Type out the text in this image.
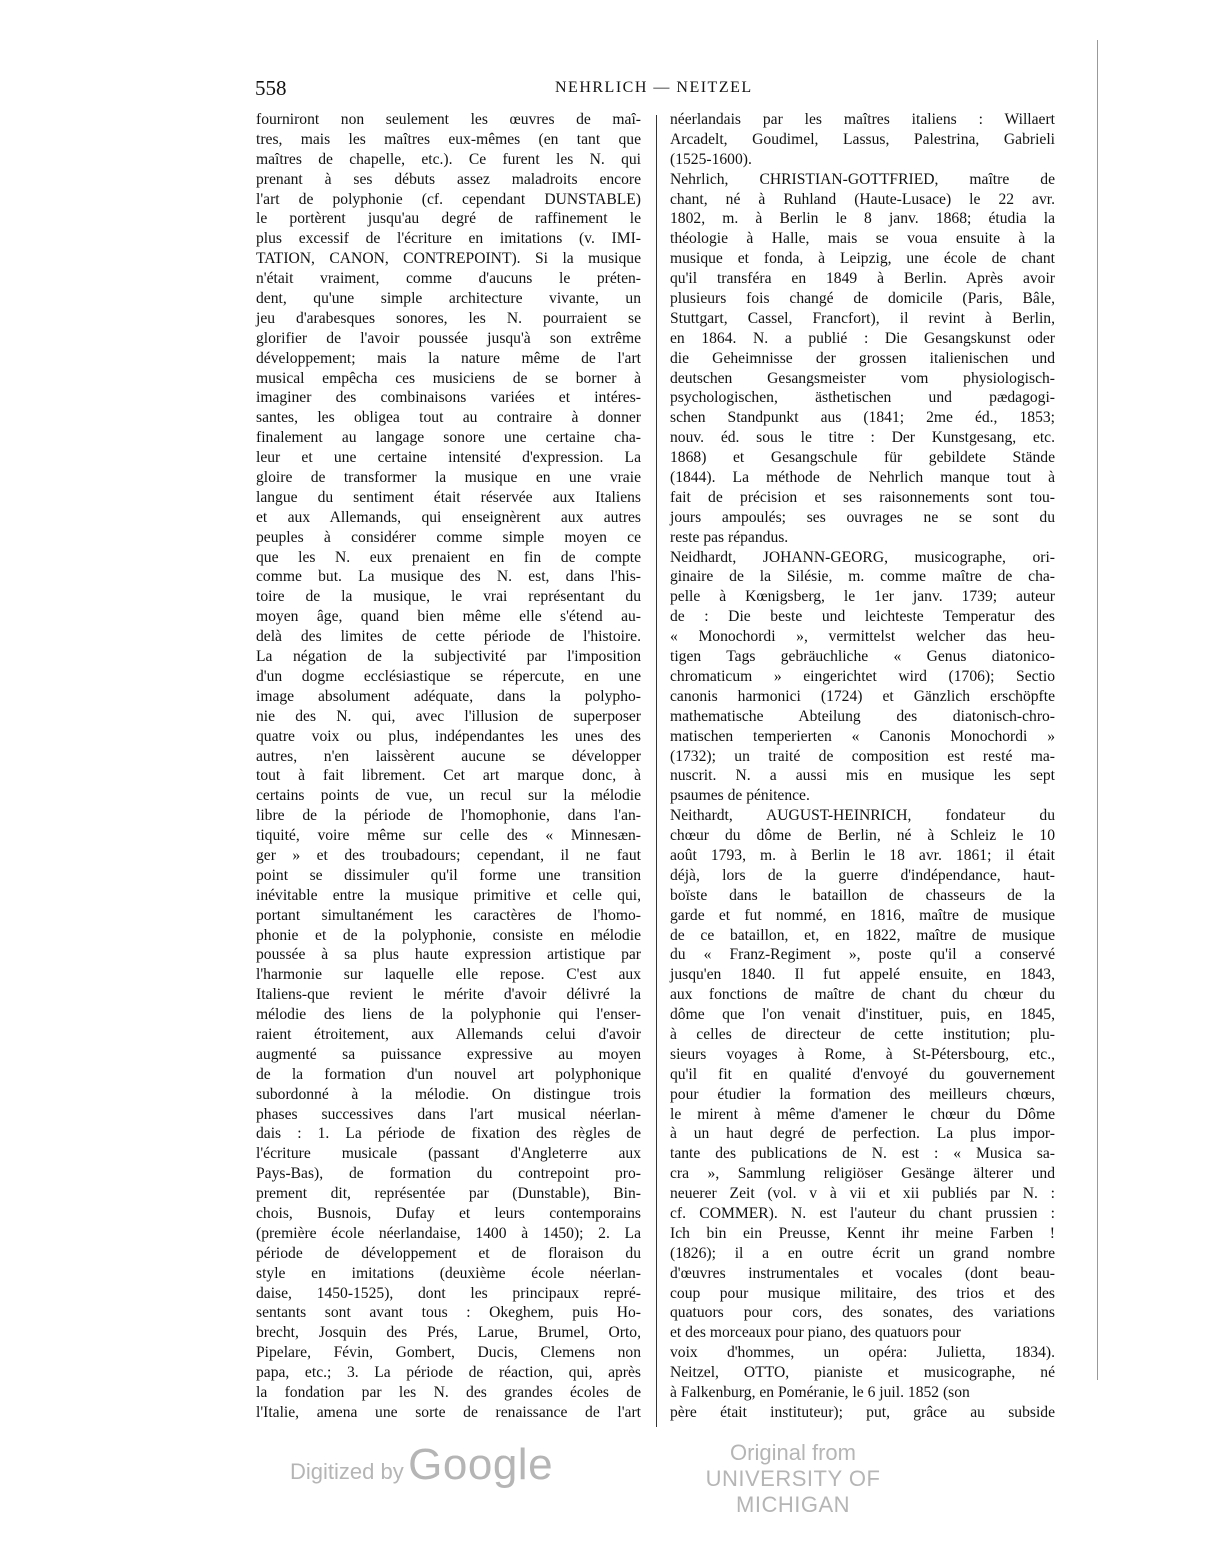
558	NEHRLICH — NEITZEL
fourniront non seulement les œuvres de maî-
tres, mais les maîtres eux-mêmes (en tant que
maîtres de chapelle, etc.). Ce furent les N. qui
prenant à ses débuts assez maladroits encore
l'art de polyphonie (cf. cependant DUNSTABLE)
le portèrent jusqu'au degré de raffinement le
plus excessif de l'écriture en imitations (v. IMI-
TATION, CANON, CONTREPOINT). Si la musique
n'était vraiment, comme d'aucuns le préten-
dent, qu'une simple architecture vivante, un
jeu d'arabesques sonores, les N. pourraient se
glorifier de l'avoir poussée jusqu'à son extrême
développement; mais la nature même de l'art
musical empêcha ces musiciens de se borner à
imaginer des combinaisons variées et intéres-
santes, les obligea tout au contraire à donner
finalement au langage sonore une certaine cha-
leur et une certaine intensité d'expression. La
gloire de transformer la musique en une vraie
langue du sentiment était réservée aux Italiens
et aux Allemands, qui enseignèrent aux autres
peuples à considérer comme simple moyen ce
que les N. eux prenaient en fin de compte
comme but. La musique des N. est, dans l'his-
toire de la musique, le vrai représentant du
moyen âge, quand bien même elle s'étend au-
delà des limites de cette période de l'histoire.
La négation de la subjectivité par l'imposition
d'un dogme ecclésiastique se répercute, en une
image absolument adéquate, dans la polypho-
nie des N. qui, avec l'illusion de superposer
quatre voix ou plus, indépendantes les unes des
autres, n'en laissèrent aucune se développer
tout à fait librement. Cet art marque donc, à
certains points de vue, un recul sur la mélodie
libre de la période de l'homophonie, dans l'an-
tiquité, voire même sur celle des « Minnesæn-
ger » et des troubadours; cependant, il ne faut
point se dissimuler qu'il forme une transition
inévitable entre la musique primitive et celle qui,
portant simultanément les caractères de l'homo-
phonie et de la polyphonie, consiste en mélodie
poussée à sa plus haute expression artistique par
l'harmonie sur laquelle elle repose. C'est aux
Italiens-que revient le mérite d'avoir délivré la
mélodie des liens de la polyphonie qui l'enser-
raient étroitement, aux Allemands celui d'avoir
augmenté sa puissance expressive au moyen
de la formation d'un nouvel art polyphonique
subordonné à la mélodie. On distingue trois
phases successives dans l'art musical néerlan-
dais : 1. La période de fixation des règles de
l'écriture musicale (passant d'Angleterre aux
Pays-Bas), de formation du contrepoint pro-
prement dit, représentée par (Dunstable), Bin-
chois, Busnois, Dufay et leurs contemporains
(première école néerlandaise, 1400 à 1450); 2. La
période de développement et de floraison du
style en imitations (deuxième école néerlan-
daise, 1450-1525), dont les principaux repré-
sentants sont avant tous : Okeghem, puis Ho-
brecht, Josquin des Prés, Larue, Brumel, Orto,
Pipelare, Févin, Gombert, Ducis, Clemens non
papa, etc.; 3. La période de réaction, qui, après
la fondation par les N. des grandes écoles de
l'Italie, amena une sorte de renaissance de l'art
néerlandais par les maîtres italiens : Willaert
Arcadelt, Goudimel, Lassus, Palestrina, Gabrieli
(1525-1600).
Nehrlich, CHRISTIAN-GOTTFRIED, maître de
chant, né à Ruhland (Haute-Lusace) le 22 avr.
1802, m. à Berlin le 8 janv. 1868; étudia la
théologie à Halle, mais se voua ensuite à la
musique et fonda, à Leipzig, une école de chant
qu'il transféra en 1849 à Berlin. Après avoir
plusieurs fois changé de domicile (Paris, Bâle,
Stuttgart, Cassel, Francfort), il revint à Berlin,
en 1864. N. a publié : Die Gesangskunst oder
die Geheimnisse der grossen italienischen und
deutschen Gesangsmeister vom physiologisch-
psychologischen, ästhetischen und pædagogi-
schen Standpunkt aus (1841; 2me éd., 1853;
nouv. éd. sous le titre : Der Kunstgesang, etc.
1868) et Gesangschule für gebildete Stände
(1844). La méthode de Nehrlich manque tout à
fait de précision et ses raisonnements sont tou-
jours ampoulés; ses ouvrages ne se sont du
reste pas répandus.
Neidhardt, JOHANN-GEORG, musicographe, ori-
ginaire de la Silésie, m. comme maître de cha-
pelle à Kœnigsberg, le 1er janv. 1739; auteur
de : Die beste und leichteste Temperatur des
« Monochordi », vermittelst welcher das heu-
tigen Tags gebräuchliche « Genus diatonico-
chromaticum » eingerichtet wird (1706); Sectio
canonis harmonici (1724) et Gänzlich erschöpfte
mathematische Abteilung des diatonisch-chro-
matischen temperierten « Canonis Monochordi »
(1732); un traité de composition est resté ma-
nuscrit. N. a aussi mis en musique les sept
psaumes de pénitence.
Neithardt, AUGUST-HEINRICH, fondateur du
chœur du dôme de Berlin, né à Schleiz le 10
août 1793, m. à Berlin le 18 avr. 1861; il était
déjà, lors de la guerre d'indépendance, haut-
boïste dans le bataillon de chasseurs de la
garde et fut nommé, en 1816, maître de musique
de ce bataillon, et, en 1822, maître de musique
du « Franz-Regiment », poste qu'il a conservé
jusqu'en 1840. Il fut appelé ensuite, en 1843,
aux fonctions de maître de chant du chœur du
dôme que l'on venait d'instituer, puis, en 1845,
à celles de directeur de cette institution; plu-
sieurs voyages à Rome, à St-Pétersbourg, etc.,
qu'il fit en qualité d'envoyé du gouvernement
pour étudier la formation des meilleurs chœurs,
le mirent à même d'amener le chœur du Dôme
à un haut degré de perfection. La plus impor-
tante des publications de N. est : « Musica sa-
cra », Sammlung religiöser Gesänge älterer und
neuerer Zeit (vol. v à vii et xii publiés par N. :
cf. COMMER). N. est l'auteur du chant prussien :
Ich bin ein Preusse, Kennt ihr meine Farben !
(1826); il a en outre écrit un grand nombre
d'œuvres instrumentales et vocales (dont beau-
coup pour musique militaire, des trios et des
quatuors pour cors, des sonates, des variations
et des morceaux pour piano, des quatuors pour
voix d'hommes, un opéra: Julietta, 1834).
Neitzel, OTTO, pianiste et musicographe, né
à Falkenburg, en Poméranie, le 6 juil. 1852 (son
père était instituteur); put, grâce au subside
Digitized by Google	Original from
UNIVERSITY OF MICHIGAN
